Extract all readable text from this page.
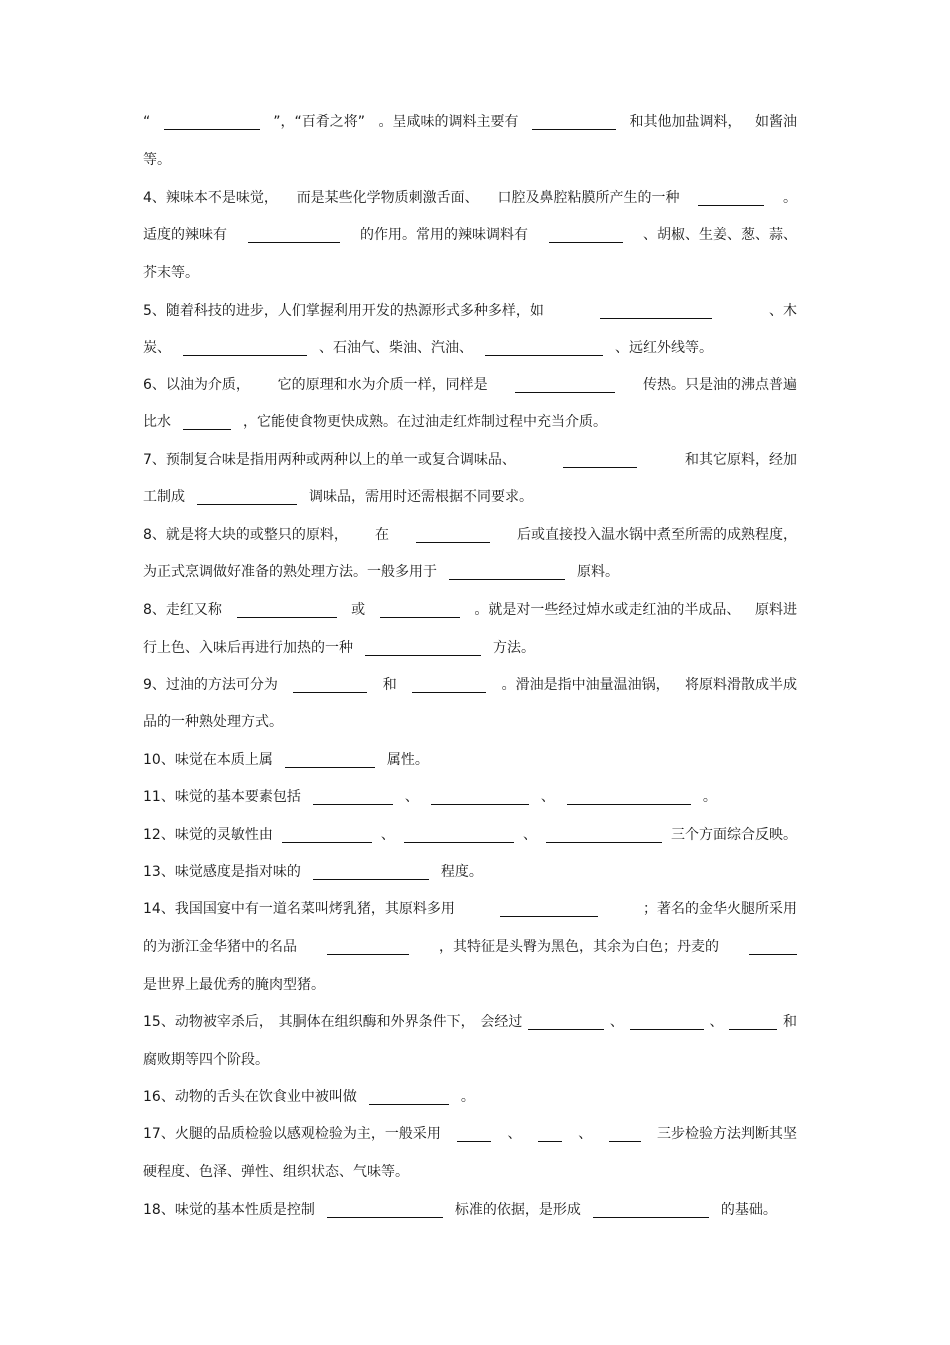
“	”，“百肴之将” 。呈咸味的调料主要有	和其他加盐调料， 如酱油
等。
4、辣味本不是味觉， 而是某些化学物质刺激舌面、 口腔及鼻腔粘膜所产生的一种	。
适度的辣味有	的作用。常用的辣味调料有	、胡椒、生姜、葱、蒜、
芥末等。
5、随着科技的进步，人们掌握利用开发的热源形式多种多样，如	、木
炭、	、石油气、柴油、汽油、	、远红外线等。
6、以油为介质， 它的原理和水为介质一样，同样是	传热。只是油的沸点普遍
比水	，它能使食物更快成熟。在过油走红炸制过程中充当介质。
7、预制复合味是指用两种或两种以上的单一或复合调味品、	和其它原料，经加
工制成	调味品，需用时还需根据不同要求。
8、就是将大块的或整只的原料， 在	后或直接投入温水锅中煮至所需的成熟程度，
为正式烹调做好准备的熟处理方法。一般多用于	原料。
8、走红又称	或	。就是对一些经过焯水或走红油的半成品、 原料进
行上色、入味后再进行加热的一种	方法。
9、过油的方法可分为	和	。滑油是指中油量温油锅， 将原料滑散成半成
品的一种熟处理方式。
10、味觉在本质上属	属性。
11、味觉的基本要素包括	、	、	。
12、味觉的灵敏性由	、	、	三个方面综合反映。
13、味觉感度是指对味的	程度。
14、我国国宴中有一道名菜叫烤乳猪，其原料多用	；著名的金华火腿所采用
的为浙江金华猪中的名品	，其特征是头臀为黑色，其余为白色；丹麦的
是世界上最优秀的腌肉型猪。
15、动物被宰杀后， 其胴体在组织酶和外界条件下， 会经过	、	、	和
腐败期等四个阶段。
16、动物的舌头在饮食业中被叫做	。
17、火腿的品质检验以感观检验为主，一般采用	、	、	三步检验方法判断其坚
硬程度、色泽、弹性、组织状态、气味等。
18、味觉的基本性质是控制	标准的依据，是形成	的基础。
